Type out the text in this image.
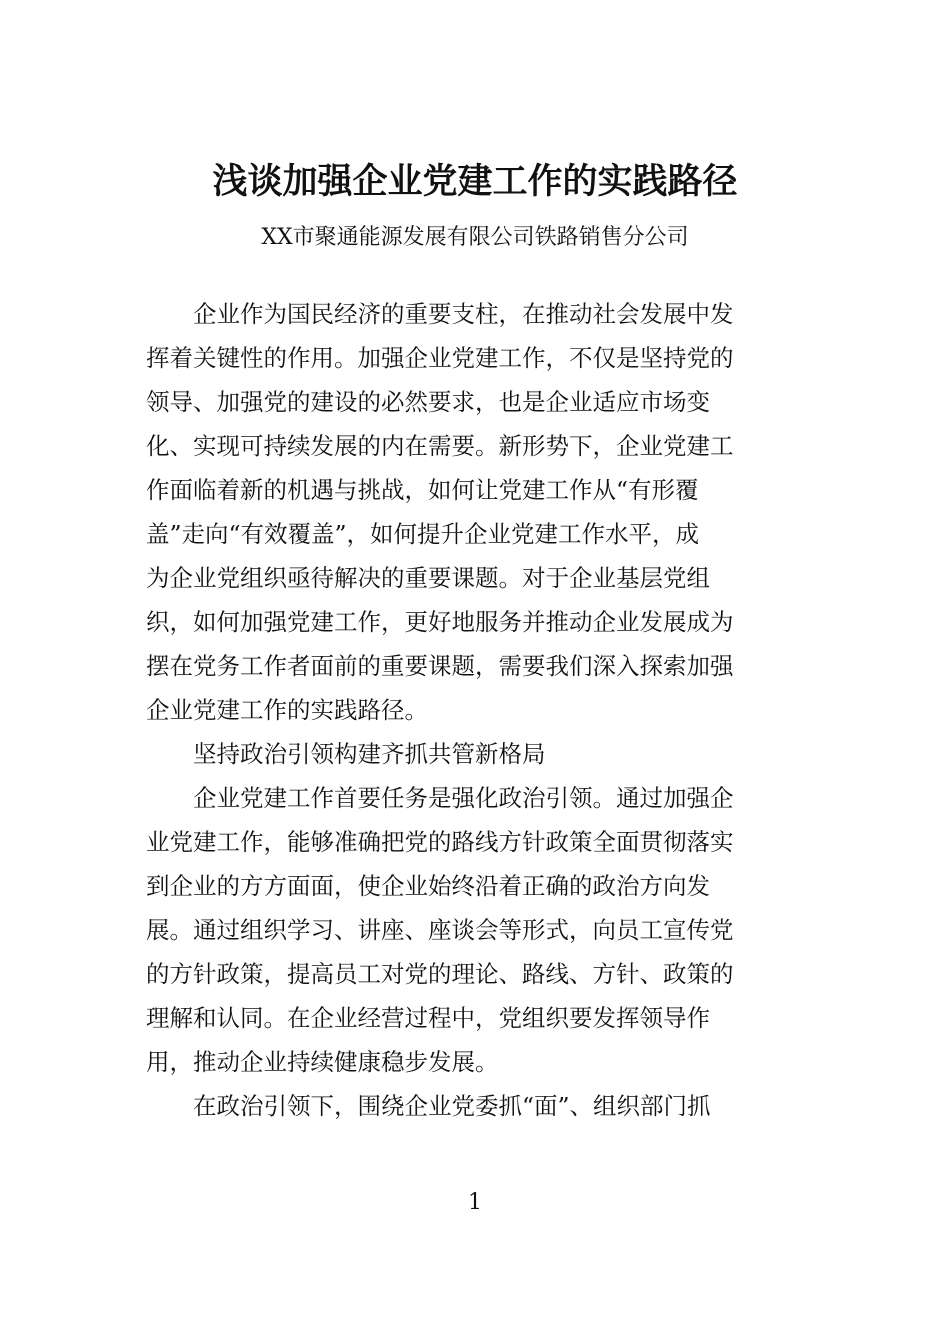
浅谈加强企业党建工作的实践路径
XX市聚通能源发展有限公司铁路销售分公司
　　企业作为国民经济的重要支柱，在推动社会发展中发
挥着关键性的作用。加强企业党建工作，不仅是坚持党的
领导、加强党的建设的必然要求，也是企业适应市场变
化、实现可持续发展的内在需要。新形势下，企业党建工
作面临着新的机遇与挑战，如何让党建工作从“有形覆
盖”走向“有效覆盖”，如何提升企业党建工作水平，成
为企业党组织亟待解决的重要课题。对于企业基层党组
织，如何加强党建工作，更好地服务并推动企业发展成为
摆在党务工作者面前的重要课题，需要我们深入探索加强
企业党建工作的实践路径。
　　坚持政治引领构建齐抓共管新格局
　　企业党建工作首要任务是强化政治引领。通过加强企
业党建工作，能够准确把党的路线方针政策全面贯彻落实
到企业的方方面面，使企业始终沿着正确的政治方向发
展。通过组织学习、讲座、座谈会等形式，向员工宣传党
的方针政策，提高员工对党的理论、路线、方针、政策的
理解和认同。在企业经营过程中，党组织要发挥领导作
用，推动企业持续健康稳步发展。
　　在政治引领下，围绕企业党委抓“面”、组织部门抓
1
